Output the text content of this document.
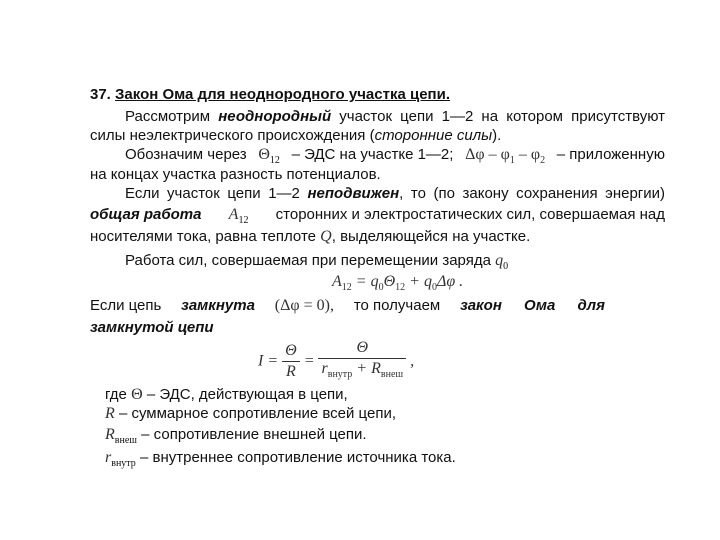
37. Закон Ома для неоднородного участка цепи.
Рассмотрим неоднородный участок цепи 1—2 на котором присутствуют
силы неэлектрического происхождения (сторонние силы).
Обозначим через $\Theta_{12}$ – ЭДС на участке 1—2; Δφ – $\varphi_1 - \varphi_2$ – приложенную
на концах участка разность потенциалов.
Если участок цепи 1—2 неподвижен, то (по закону сохранения энергии)
общая работа $A_{12}$ сторонних и электростатических сил, совершаемая над
носителями тока, равна теплоте Q, выделяющейся на участке.
Работа сил, совершаемая при перемещении заряда $q_0$
$A_{12} = q_0\Theta_{12} + q_0\Delta\varphi$ .
Если цепь замкнута (Δφ = 0), то получаем закон Ома для
замкнутой цепи
$I = \frac{\Theta}{R} = \frac{\Theta}{r_{внутр} + R_{внеш}}$ ,
где Θ – ЭДС, действующая в цепи,
R – суммарное сопротивление всей цепи,
$R_{внеш}$ – сопротивление внешней цепи.
$r_{внутр}$ – внутреннее сопротивление источника тока.
